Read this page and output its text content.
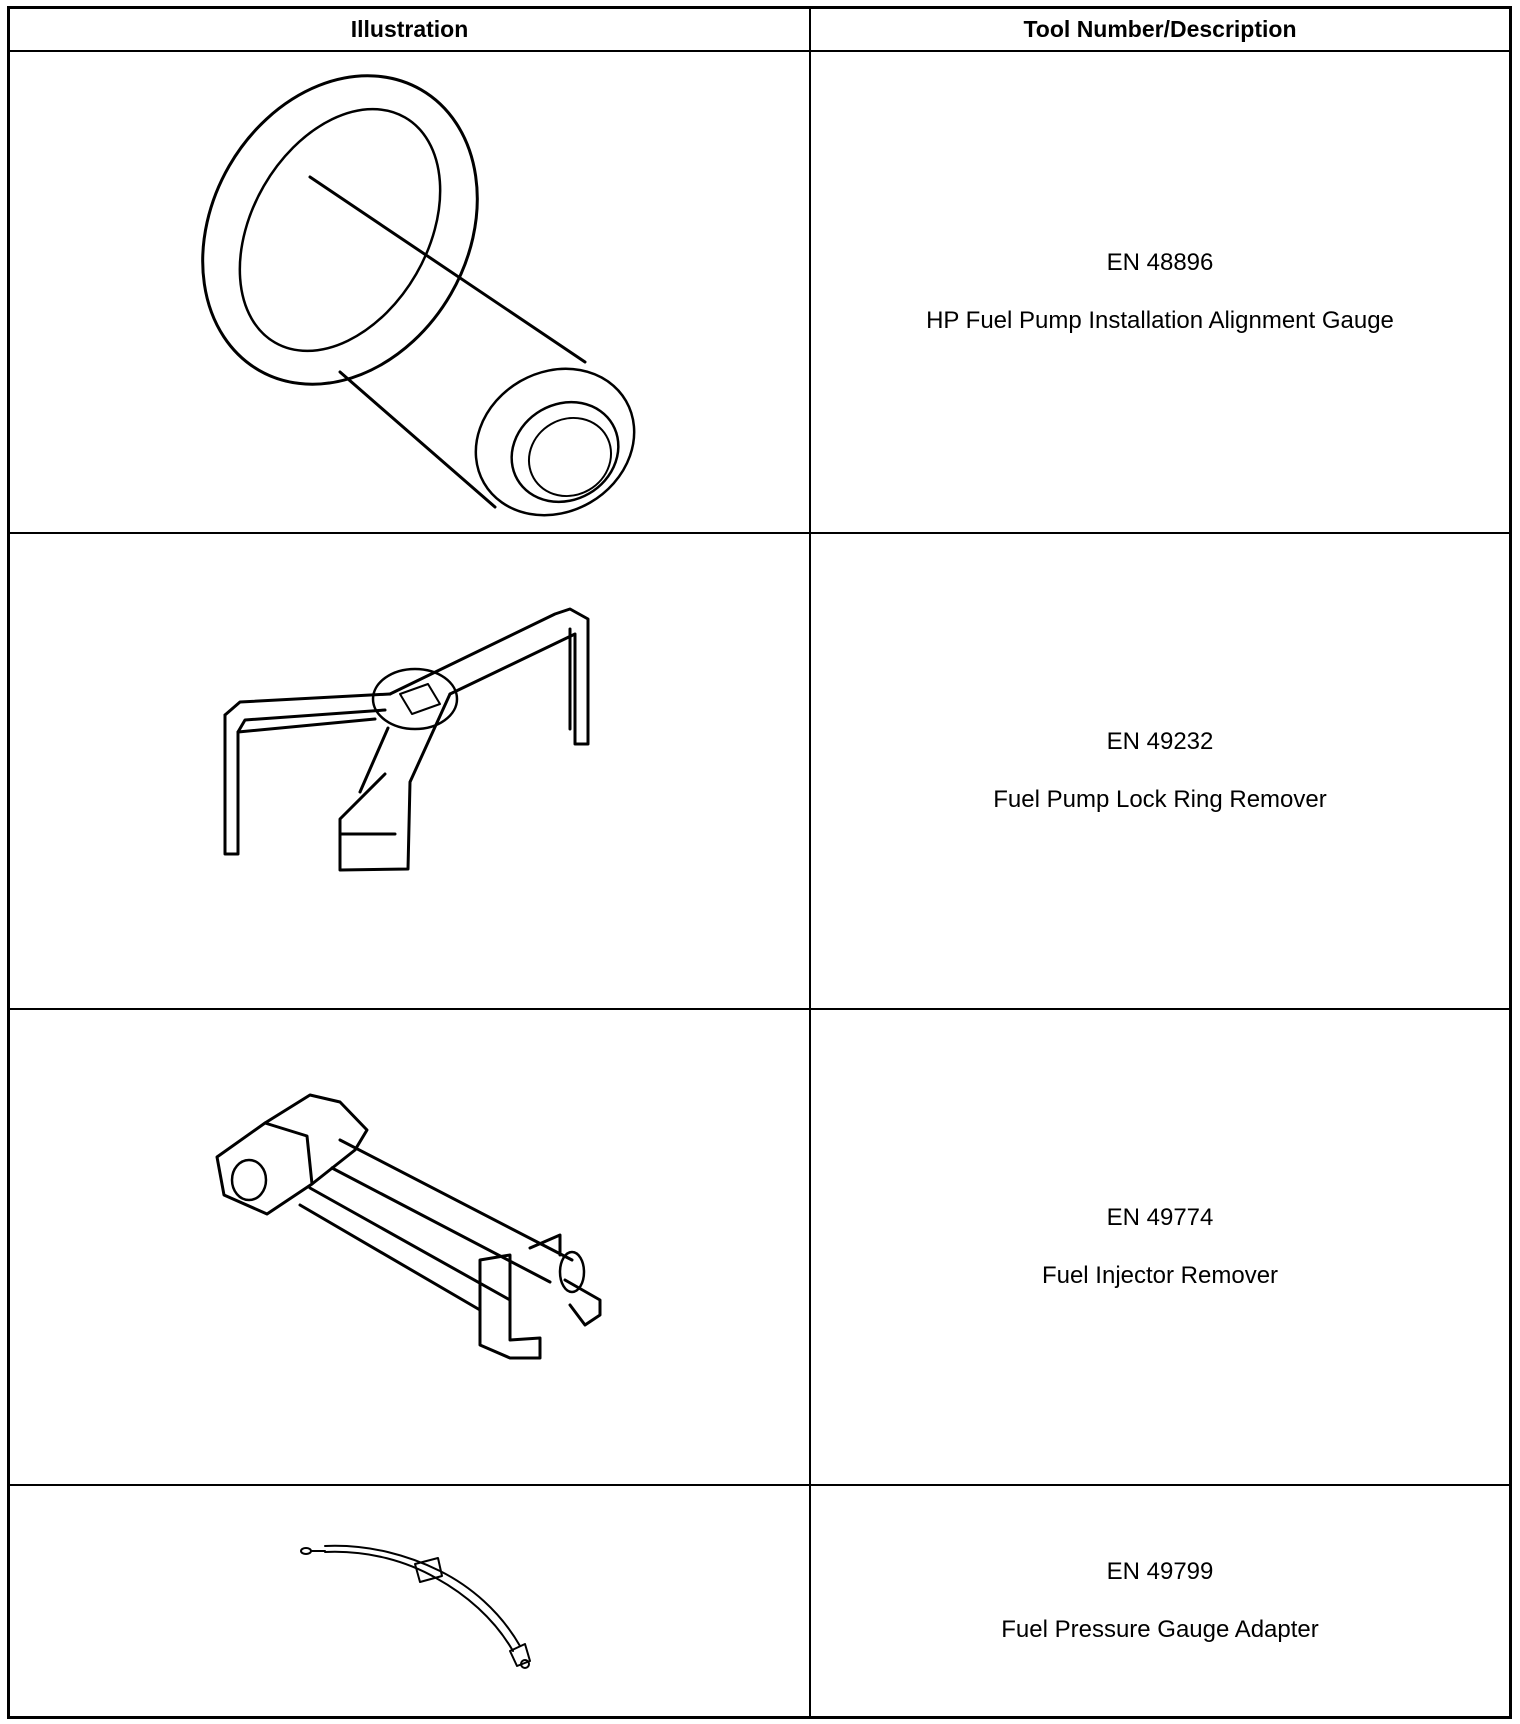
Illustration	Tool Number/Description
EN 48896
HP Fuel Pump Installation Alignment Gauge
EN 49232
Fuel Pump Lock Ring Remover
EN 49774
Fuel Injector Remover
EN 49799
Fuel Pressure Gauge Adapter
